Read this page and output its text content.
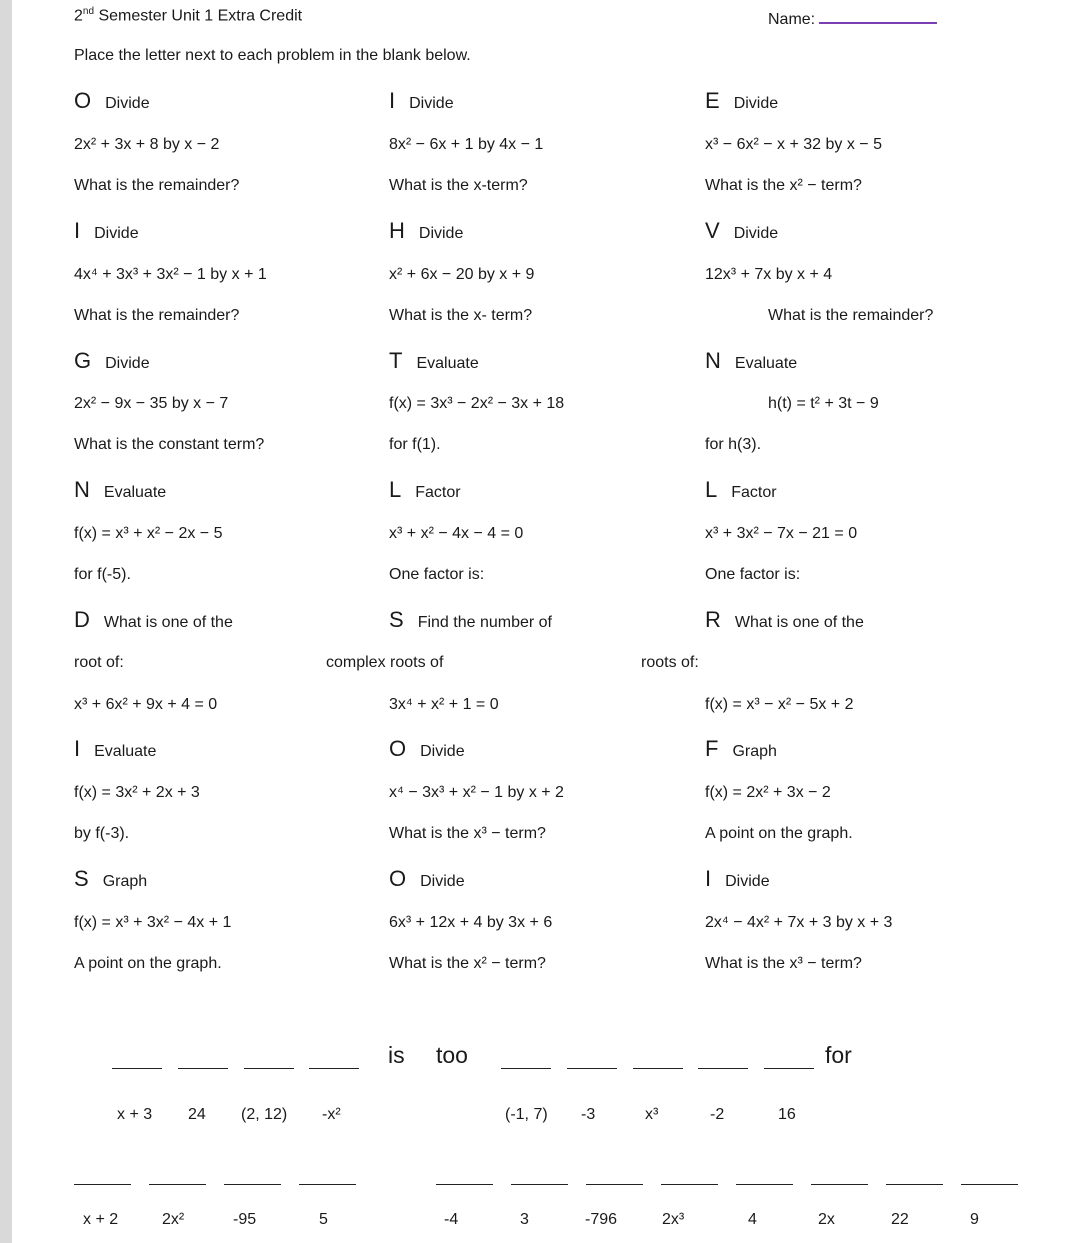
2nd Semester Unit 1 Extra Credit	Name:
Place the letter next to each problem in the blank below.
O Divide
2x² + 3x + 8 by x − 2
What is the remainder?
I Divide
8x² − 6x + 1 by 4x − 1
What is the x-term?
E Divide
x³ − 6x² − x + 32 by x − 5
What is the x² − term?
I Divide
4x⁴ + 3x³ + 3x² − 1 by x + 1
What is the remainder?
H Divide
x² + 6x − 20 by x + 9
What is the x- term?
V Divide
12x³ + 7x by x + 4
What is the remainder?
G Divide
2x² − 9x − 35 by x − 7
What is the constant term?
T Evaluate
f(x) = 3x³ − 2x² − 3x + 18
for f(1).
N Evaluate
h(t) = t² + 3t − 9
for h(3).
N Evaluate
f(x) = x³ + x² − 2x − 5
for f(-5).
L Factor
x³ + x² − 4x − 4 = 0
One factor is:
L Factor
x³ + 3x² − 7x − 21 = 0
One factor is:
D What is one of the
root of:
x³ + 6x² + 9x + 4 = 0
S Find the number of
complex roots of
3x⁴ + x² + 1 = 0
R What is one of the
roots of:
f(x) = x³ − x² − 5x + 2
I Evaluate
f(x) = 3x² + 2x + 3
by f(-3).
O Divide
x⁴ − 3x³ + x² − 1 by x + 2
What is the x³ − term?
F Graph
f(x) = 2x² + 3x − 2
A point on the graph.
S Graph
f(x) = x³ + 3x² − 4x + 1
A point on the graph.
O Divide
6x³ + 12x + 4 by 3x + 6
What is the x² − term?
I Divide
2x⁴ − 4x² + 7x + 3 by x + 3
What is the x³ − term?
is too	for
x + 3 24 (2, 12) -x²	(-1, 7) -3	x³	-2	16
x + 2	2x²	-95	5	-4	3	-796	2x³	4	2x	22	9
